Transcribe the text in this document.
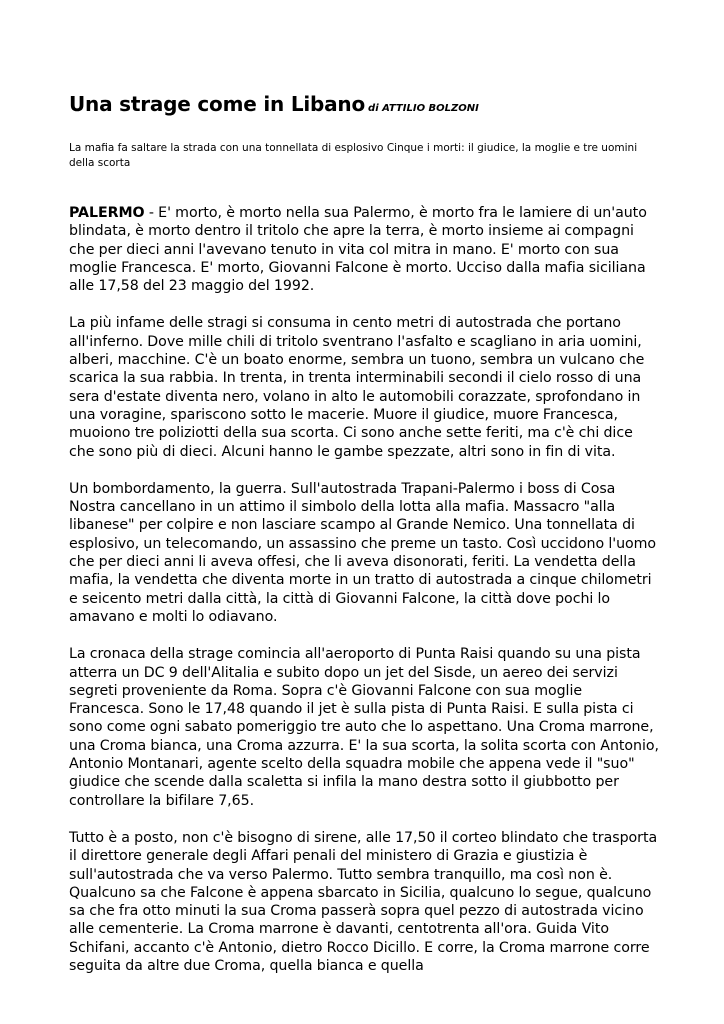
Una strage come in Libano di ATTILIO BOLZONI

La mafia fa saltare la strada con una tonnellata di esplosivo Cinque i morti: il giudice, la moglie e tre uomini della scorta

PALERMO - E' morto, è morto nella sua Palermo, è morto fra le lamiere di un'auto blindata, è morto dentro il tritolo che apre la terra, è morto insieme ai compagni che per dieci anni l'avevano tenuto in vita col mitra in mano. E' morto con sua moglie Francesca. E' morto, Giovanni Falcone è morto. Ucciso dalla mafia siciliana alle 17,58 del 23 maggio del 1992.

La più infame delle stragi si consuma in cento metri di autostrada che portano all'inferno. Dove mille chili di tritolo sventrano l'asfalto e scagliano in aria uomini, alberi, macchine. C'è un boato enorme, sembra un tuono, sembra un vulcano che scarica la sua rabbia. In trenta, in trenta interminabili secondi il cielo rosso di una sera d'estate diventa nero, volano in alto le automobili corazzate, sprofondano in una voragine, spariscono sotto le macerie. Muore il giudice, muore Francesca, muoiono tre poliziotti della sua scorta. Ci sono anche sette feriti, ma c'è chi dice che sono più di dieci. Alcuni hanno le gambe spezzate, altri sono in fin di vita.

Un bombordamento, la guerra. Sull'autostrada Trapani-Palermo i boss di Cosa Nostra cancellano in un attimo il simbolo della lotta alla mafia. Massacro "alla libanese" per colpire e non lasciare scampo al Grande Nemico. Una tonnellata di esplosivo, un telecomando, un assassino che preme un tasto. Così uccidono l'uomo che per dieci anni li aveva offesi, che li aveva disonorati, feriti. La vendetta della mafia, la vendetta che diventa morte in un tratto di autostrada a cinque chilometri e seicento metri dalla città, la città di Giovanni Falcone, la città dove pochi lo amavano e molti lo odiavano.

La cronaca della strage comincia all'aeroporto di Punta Raisi quando su una pista atterra un DC 9 dell'Alitalia e subito dopo un jet del Sisde, un aereo dei servizi segreti proveniente da Roma. Sopra c'è Giovanni Falcone con sua moglie Francesca. Sono le 17,48 quando il jet è sulla pista di Punta Raisi. E sulla pista ci sono come ogni sabato pomeriggio tre auto che lo aspettano. Una Croma marrone, una Croma bianca, una Croma azzurra. E' la sua scorta, la solita scorta con Antonio, Antonio Montanari, agente scelto della squadra mobile che appena vede il "suo" giudice che scende dalla scaletta si infila la mano destra sotto il giubbotto per controllare la bifilare 7,65.

Tutto è a posto, non c'è bisogno di sirene, alle 17,50 il corteo blindato che trasporta il direttore generale degli Affari penali del ministero di Grazia e giustizia è sull'autostrada che va verso Palermo. Tutto sembra tranquillo, ma così non è. Qualcuno sa che Falcone è appena sbarcato in Sicilia, qualcuno lo segue, qualcuno sa che fra otto minuti la sua Croma passerà sopra quel pezzo di autostrada vicino alle cementerie. La Croma marrone è davanti, centotrenta all'ora. Guida Vito Schifani, accanto c'è Antonio, dietro Rocco Dicillo. E corre, la Croma marrone corre seguita da altre due Croma, quella bianca e quella
